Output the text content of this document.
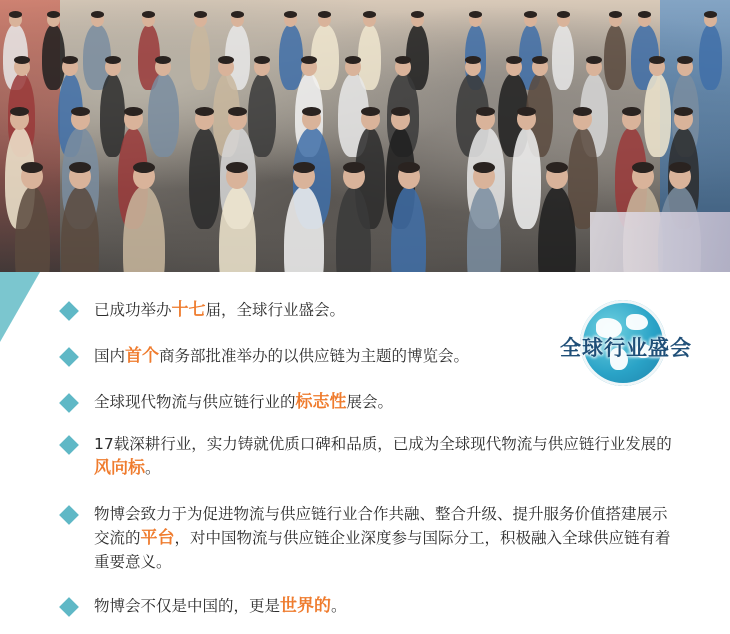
全球行业盛会
已成功举办十七届，全球行业盛会。
国内首个商务部批准举办的以供应链为主题的博览会。
全球现代物流与供应链行业的标志性展会。
17载深耕行业，实力铸就优质口碑和品质，已成为全球现代物流与供应链行业发展的风向标。
物博会致力于为促进物流与供应链行业合作共融、整合升级、提升服务价值搭建展示交流的平台，对中国物流与供应链企业深度参与国际分工，积极融入全球供应链有着重要意义。
物博会不仅是中国的，更是世界的。
